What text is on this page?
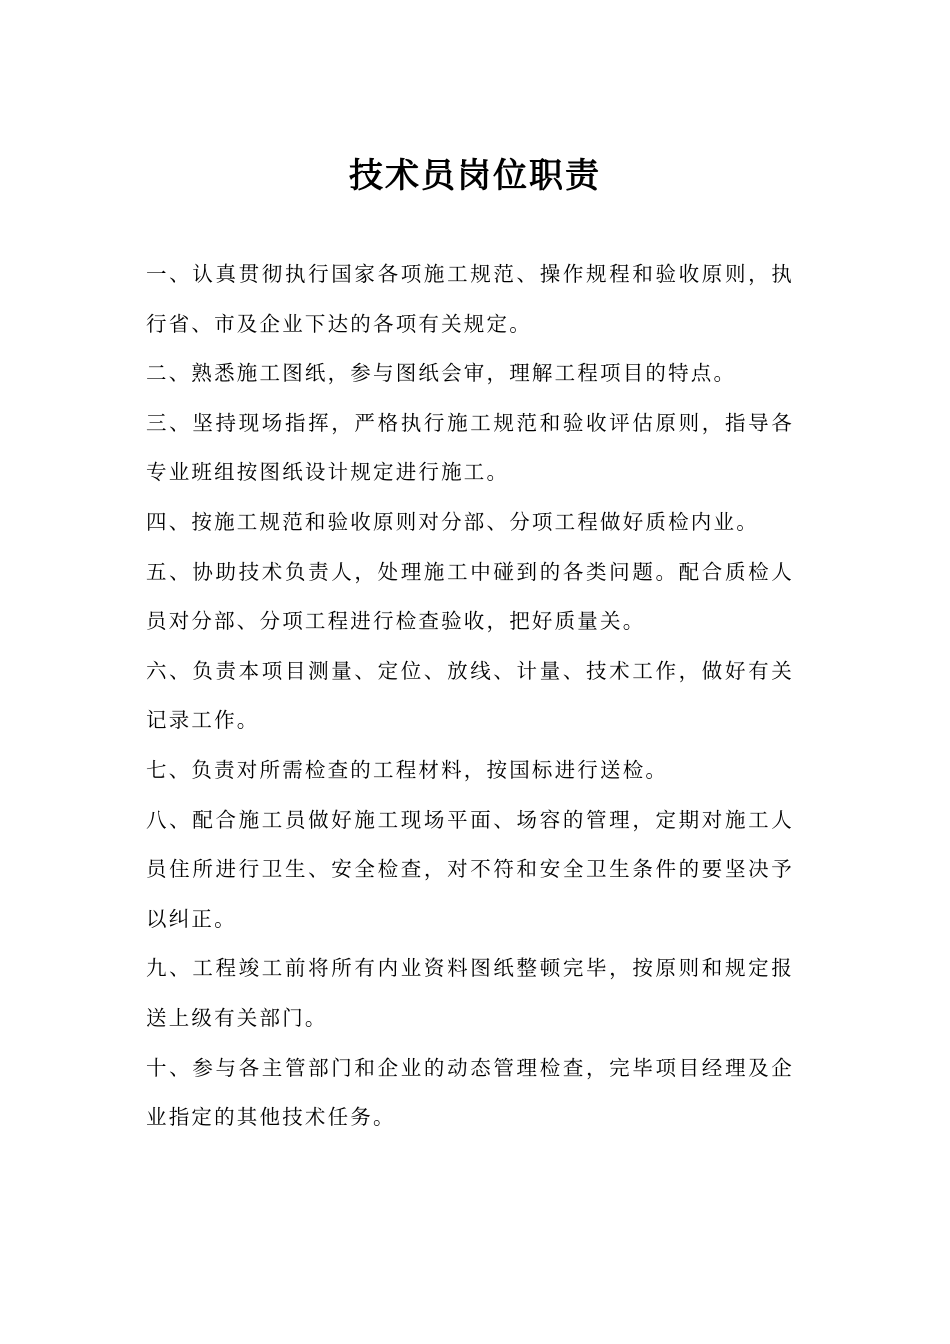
技术员岗位职责

一、认真贯彻执行国家各项施工规范、操作规程和验收原则，执行省、市及企业下达的各项有关规定。

二、熟悉施工图纸，参与图纸会审，理解工程项目的特点。

三、坚持现场指挥，严格执行施工规范和验收评估原则，指导各专业班组按图纸设计规定进行施工。

四、按施工规范和验收原则对分部、分项工程做好质检内业。

五、协助技术负责人，处理施工中碰到的各类问题。配合质检人员对分部、分项工程进行检查验收，把好质量关。

六、负责本项目测量、定位、放线、计量、技术工作，做好有关记录工作。

七、负责对所需检查的工程材料，按国标进行送检。

八、配合施工员做好施工现场平面、场容的管理，定期对施工人员住所进行卫生、安全检查，对不符和安全卫生条件的要坚决予以纠正。

九、工程竣工前将所有内业资料图纸整顿完毕，按原则和规定报送上级有关部门。

十、参与各主管部门和企业的动态管理检查，完毕项目经理及企业指定的其他技术任务。
